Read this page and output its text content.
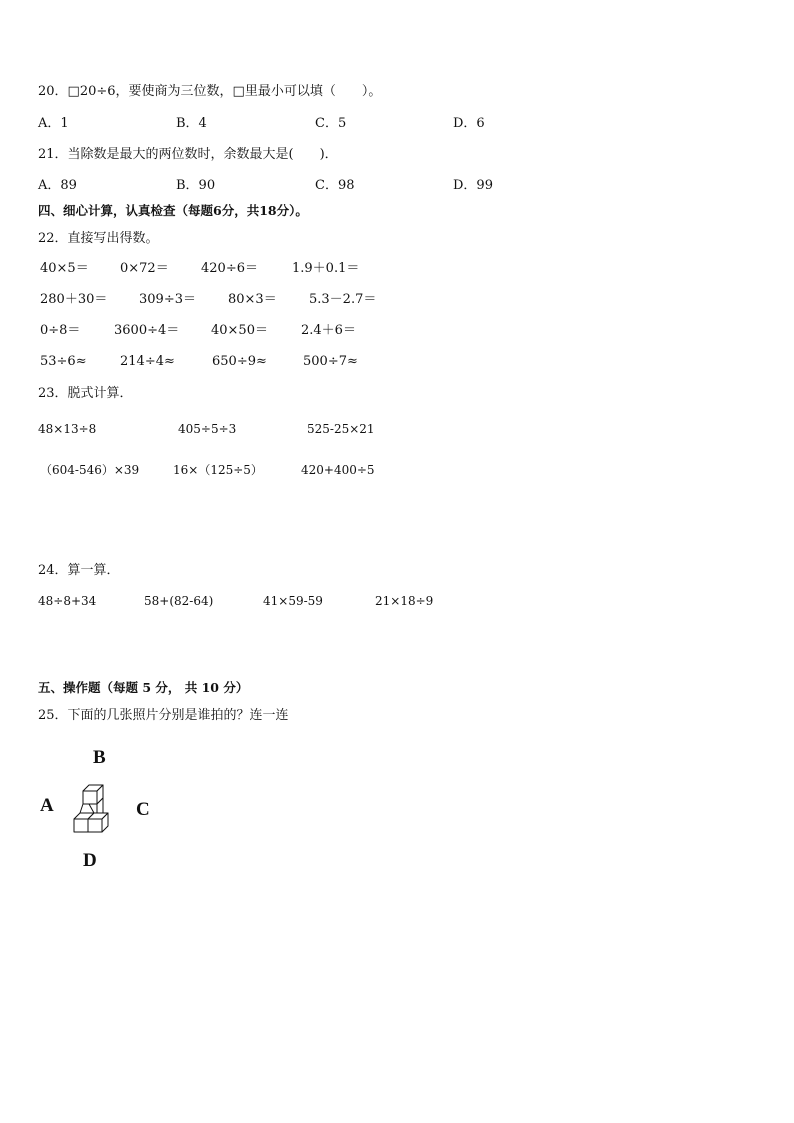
20．□20÷6，要使商为三位数，□里最小可以填（　　）。
A．1	B．4	C．5	D．6
21．当除数是最大的两位数时，余数最大是(　　)．
A．89	B．90	C．98	D．99
四、细心计算，认真检查（每题6分，共18分）。
22．直接写出得数。
40×5＝ 0×72＝ 420÷6＝	1.9＋0.1＝
280＋30＝ 309÷3＝ 80×3＝ 5.3－2.7＝
0÷8＝	3600÷4＝ 40×50＝	2.4＋6＝
53÷6≈	214÷4≈	650÷9≈	500÷7≈
23．脱式计算．
48×13÷8	405÷5÷3	525-25×21
（604-546）×39	16×（125÷5）	420+400÷5
24．算一算．
48÷8+34	58+(82-64)	41×59-59	21×18÷9
五、操作题（每题 5 分， 共 10 分）
25．下面的几张照片分别是谁拍的？连一连
B
A	C
D
